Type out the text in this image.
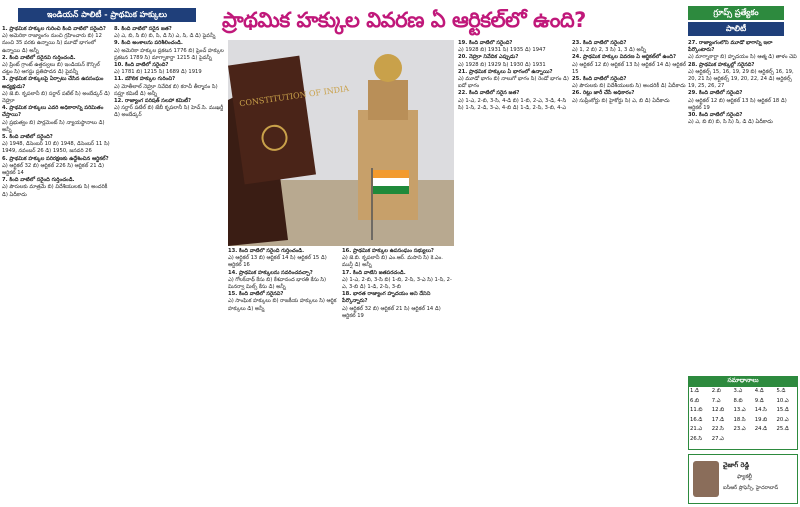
ఇండియన్ పాలిటీ - ప్రాథమిక హక్కులు	ప్రాథమిక హక్కుల వివరణ ఏ ఆర్టికల్‌లో ఉంది?	గ్రూప్స్ ప్రత్యేకం
పాలిటీ

1. ప్రాథమిక హక్కుల గురించి కింది వాటిలో సరైంది?

ఎ) అమెరికా రాజ్యాంగం నుంచి గ్రహించారు బి) 12 నుంచి 35 వరకు ఉన్నాయి సి) మూడో భాగంలో ఉన్నాయి డి) అన్నీ

2. కింది వాటిలో సరైనవి గుర్తించండి.

ఎ) ప్రింట్ గ్రాంట్ ఉత్తర్వులు బి) ఇండియన్ కౌన్సిల్ చట్టం సి) ఆగస్టు ప్రతిపాదన డి) పైవన్నీ

3. ప్రాథమిక హక్కులపై ఏర్పాటు చేసిన ఉపసంఘం అధ్యక్షుడు?

ఎ) జె.బి. కృపలానీ బి) సర్దార్ పటేల్ సి) అంబేడ్కర్ డి) నెహ్రూ

4. ప్రాథమిక హక్కులు ఎవరి అధికారాన్ని పరిమితం చేస్తాయి?

ఎ) ప్రభుత్వం బి) పార్లమెంట్ సి) న్యాయస్థానాలు డి) అన్నీ

5. కింది వాటిలో సరైంది?

ఎ) 1948, డిసెంబర్ 10 బి) 1948, డిసెంబర్ 11 సి) 1949, నవంబర్ 26 డి) 1950, జనవరి 26

6. ప్రాథమిక హక్కుల పరిరక్షణకు ఉద్దేశించిన ఆర్టికల్?

ఎ) ఆర్టికల్ 32 బి) ఆర్టికల్ 226 సి) ఆర్టికల్ 21 డి) ఆర్టికల్ 14

7. కింది వాటిలో సరైంది గుర్తించండి.

ఎ) పౌరులకు మాత్రమే బి) విదేశీయులకు సి) అందరికీ డి) ఏదీకాదు

8. కింది వాటిలో సరైన జత?

ఎ) ఎ, బి, సి బి) బి, సి, డి సి) ఎ, సి, డి డి) పైవన్నీ

9. కింది అంశాలను పరిశీలించండి.

ఎ) అమెరికా హక్కుల ప్రకటన 1776 బి) ఫ్రెంచ్ హక్కుల ప్రకటన 1789 సి) మాగ్నాకార్టా 1215 డి) పైవన్నీ

10. కింది వాటిలో సరైంది?

ఎ) 1781 బి) 1215 సి) 1689 డి) 1919

11. మౌలిక హక్కుల గురించి?

ఎ) మోతీలాల్ నెహ్రూ నివేదిక బి) కరాచీ తీర్మానం సి) సప్రూ కమిటీ డి) అన్నీ

12. రాజ్యాంగ పరిషత్ సలహా కమిటీ?

ఎ) సర్దార్ పటేల్ బి) జేబీ కృపలానీ సి) హెచ్.సి. ముఖర్జీ డి) అంబేడ్కర్

CONSTITUTION OF INDIA

13. కింది వాటిలో సరైంది గుర్తించండి.

ఎ) ఆర్టికల్ 13 బి) ఆర్టికల్ 14 సి) ఆర్టికల్ 15 డి) ఆర్టికల్ 16

14. ప్రాథమిక హక్కులను సవరించవచ్చా?

ఎ) గోలక్‌నాథ్ కేసు బి) కేశవానంద భారతి కేసు సి) మినర్వా మిల్స్ కేసు డి) అన్నీ

15. కింది వాటిలో సరైనవి?

ఎ) సాంఘిక హక్కులు బి) రాజకీయ హక్కులు సి) ఆర్థిక హక్కులు డి) అన్నీ

16. ప్రాథమిక హక్కుల ఉపసంఘం సభ్యులు?

ఎ) జె.బి. కృపలానీ బి) ఎం.ఆర్. మసాని సి) కె.ఎం. మున్షీ డి) అన్నీ

17. కింది వాటిని జతపరచండి.

ఎ) 1-ఎ, 2-బి, 3-సి బి) 1-బి, 2-సి, 3-ఎ సి) 1-సి, 2-ఎ, 3-బి డి) 1-డి, 2-సి, 3-బి

18. భారత రాజ్యాంగ హృదయం అని దేనిని పేర్కొన్నారు?

ఎ) ఆర్టికల్ 32 బి) ఆర్టికల్ 21 సి) ఆర్టికల్ 14 డి) ఆర్టికల్ 19

19. కింది వాటిలో సరైంది?

ఎ) 1928 బి) 1931 సి) 1935 డి) 1947

20. నెహ్రూ నివేదిక ఎప్పుడు?

ఎ) 1928 బి) 1929 సి) 1930 డి) 1931

21. ప్రాథమిక హక్కులు ఏ భాగంలో ఉన్నాయి?

ఎ) మూడో భాగం బి) నాలుగో భాగం సి) రెండో భాగం డి) ఐదో భాగం

22. కింది వాటిలో సరైన జత?

ఎ) 1-ఎ, 2-బి, 3-సి, 4-డి బి) 1-బి, 2-ఎ, 3-డి, 4-సి సి) 1-సి, 2-డి, 3-ఎ, 4-బి డి) 1-డి, 2-సి, 3-బి, 4-ఎ

23. కింది వాటిలో సరైంది?

ఎ) 1, 2 బి) 2, 3 సి) 1, 3 డి) అన్నీ

24. ప్రాథమిక హక్కుల వివరణ ఏ ఆర్టికల్‌లో ఉంది?

ఎ) ఆర్టికల్ 12 బి) ఆర్టికల్ 13 సి) ఆర్టికల్ 14 డి) ఆర్టికల్ 15

25. కింది వాటిలో సరైంది?

ఎ) పౌరులకు బి) విదేశీయులకు సి) అందరికీ డి) ఏదీకాదు

26. రిట్లు జారీ చేసే అధికారం?

ఎ) సుప్రీంకోర్టు బి) హైకోర్టు సి) ఎ, బి డి) ఏదీకాదు

27. రాజ్యాంగంలోని మూడో భాగాన్ని ఇలా పేర్కొంటారు?

ఎ) మాగ్నాకార్టా బి) హృదయం సి) ఆత్మ డి) తాళం చెవి

28. ప్రాథమిక హక్కుల్లో సరైనది?

ఎ) ఆర్టికల్స్ 15, 16, 19, 29 బి) ఆర్టికల్స్ 16, 19, 20, 21 సి) ఆర్టికల్స్ 19, 20, 22, 24 డి) ఆర్టికల్స్ 19, 25, 26, 27

29. కింది వాటిలో సరైంది?

ఎ) ఆర్టికల్ 12 బి) ఆర్టికల్ 13 సి) ఆర్టికల్ 18 డి) ఆర్టికల్ 19

30. కింది వాటిలో సరైంది?

ఎ) ఎ, బి బి) బి, సి సి) సి, డి డి) ఏదీకాదు

సమాధానాలు
1.డి	2.బి	3.ఎ	4.డి	5.డి
6.బి	7.ఎ	8.బి	9.డి	10.ఎ
11.బి	12.బి	13.ఎ	14.సి	15.డి
16.డి	17.డి	18.సి	19.బి	20.ఎ
21.ఎ	22.సి	23.ఎ	24.డి	25.డి
26.సి	27.ఎ			
వైజాగ్ రెడ్డి
ఫ్యాకల్టీ
ఐసీఆర్ ప్రొఫెన్సీ, హైదరాబాద్
